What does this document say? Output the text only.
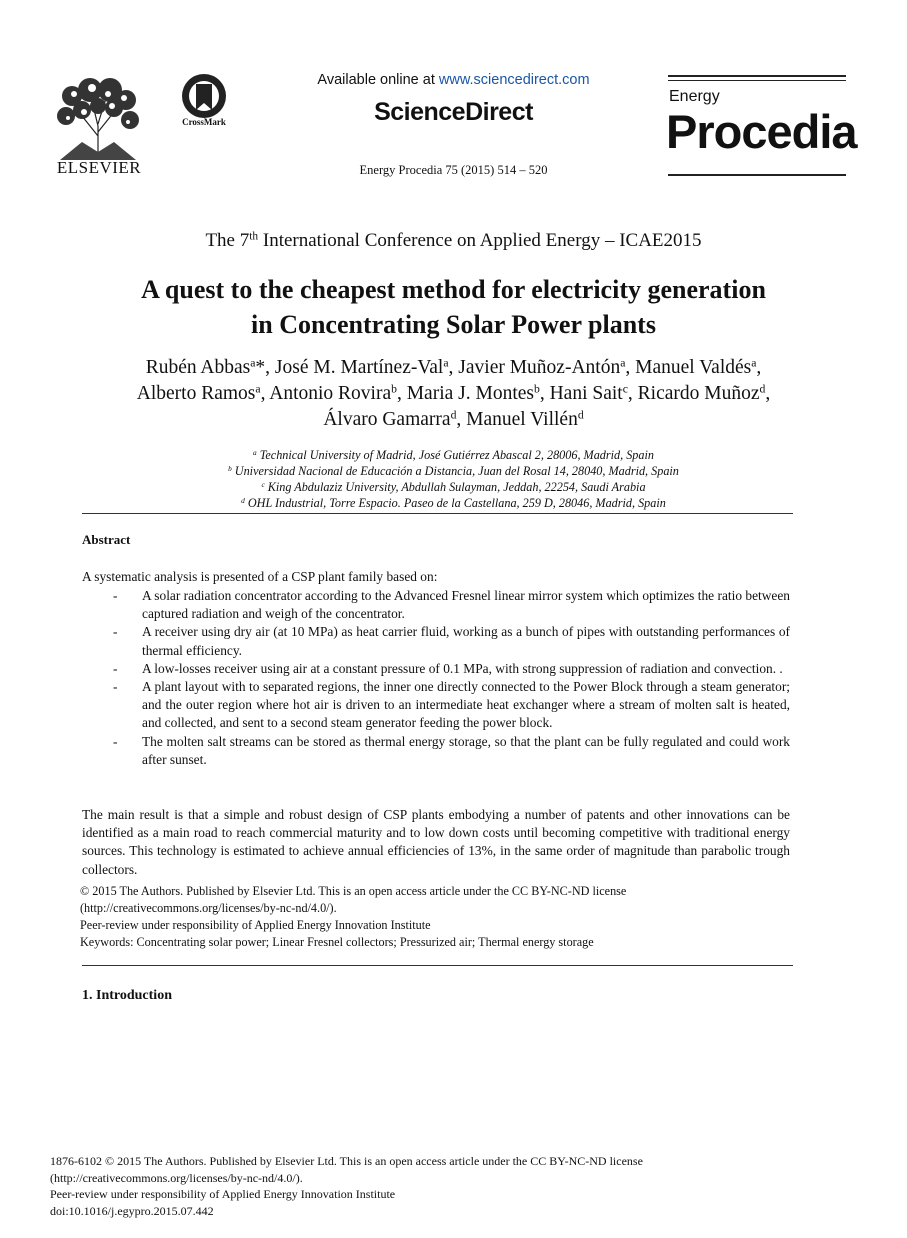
ELSEVIER
CrossMark
Available online at www.sciencedirect.com
ScienceDirect
Energy Procedia 75 (2015) 514 – 520
Energy
Procedia
The 7th International Conference on Applied Energy – ICAE2015
A quest to the cheapest method for electricity generation
in Concentrating Solar Power plants
Rubén Abbas$^a$*, José M. Martínez-Val$^a$, Javier Muñoz-Antón$^a$, Manuel Valdés$^a$,
Alberto Ramos$^a$, Antonio Rovira$^b$, Maria J. Montes$^b$, Hani Sait$^c$, Ricardo Muñoz$^d$,
Álvaro Gamarra$^d$, Manuel Villén$^d$
$^a$ Technical University of Madrid, José Gutiérrez Abascal 2, 28006, Madrid, Spain
$^b$ Universidad Nacional de Educación a Distancia, Juan del Rosal 14, 28040, Madrid, Spain
$^c$ King Abdulaziz University, Abdullah Sulayman, Jeddah, 22254, Saudi Arabia
$^d$ OHL Industrial, Torre Espacio. Paseo de la Castellana, 259 D, 28046, Madrid, Spain
Abstract
A systematic analysis is presented of a CSP plant family based on:
- A solar radiation concentrator according to the Advanced Fresnel linear mirror system which optimizes the ratio between captured radiation and weigh of the concentrator.
- A receiver using dry air (at 10 MPa) as heat carrier fluid, working as a bunch of pipes with outstanding performances of thermal efficiency.
- A low-losses receiver using air at a constant pressure of 0.1 MPa, with strong suppression of radiation and convection. .
- A plant layout with to separated regions, the inner one directly connected to the Power Block through a steam generator; and the outer region where hot air is driven to an intermediate heat exchanger where a stream of molten salt is heated, and collected, and sent to a second steam generator feeding the power block.
- The molten salt streams can be stored as thermal energy storage, so that the plant can be fully regulated and could work after sunset.
The main result is that a simple and robust design of CSP plants embodying a number of patents and other innovations can be identified as a main road to reach commercial maturity and to low down costs until becoming competitive with traditional energy sources. This technology is estimated to achieve annual efficiencies of 13%, in the same order of magnitude than parabolic trough collectors.
© 2015 The Authors. Published by Elsevier Ltd. This is an open access article under the CC BY-NC-ND license
(http://creativecommons.org/licenses/by-nc-nd/4.0/).
Peer-review under responsibility of Applied Energy Innovation Institute
Keywords: Concentrating solar power; Linear Fresnel collectors; Pressurized air; Thermal energy storage
1. Introduction
1876-6102 © 2015 The Authors. Published by Elsevier Ltd. This is an open access article under the CC BY-NC-ND license
(http://creativecommons.org/licenses/by-nc-nd/4.0/).
Peer-review under responsibility of Applied Energy Innovation Institute
doi:10.1016/j.egypro.2015.07.442
